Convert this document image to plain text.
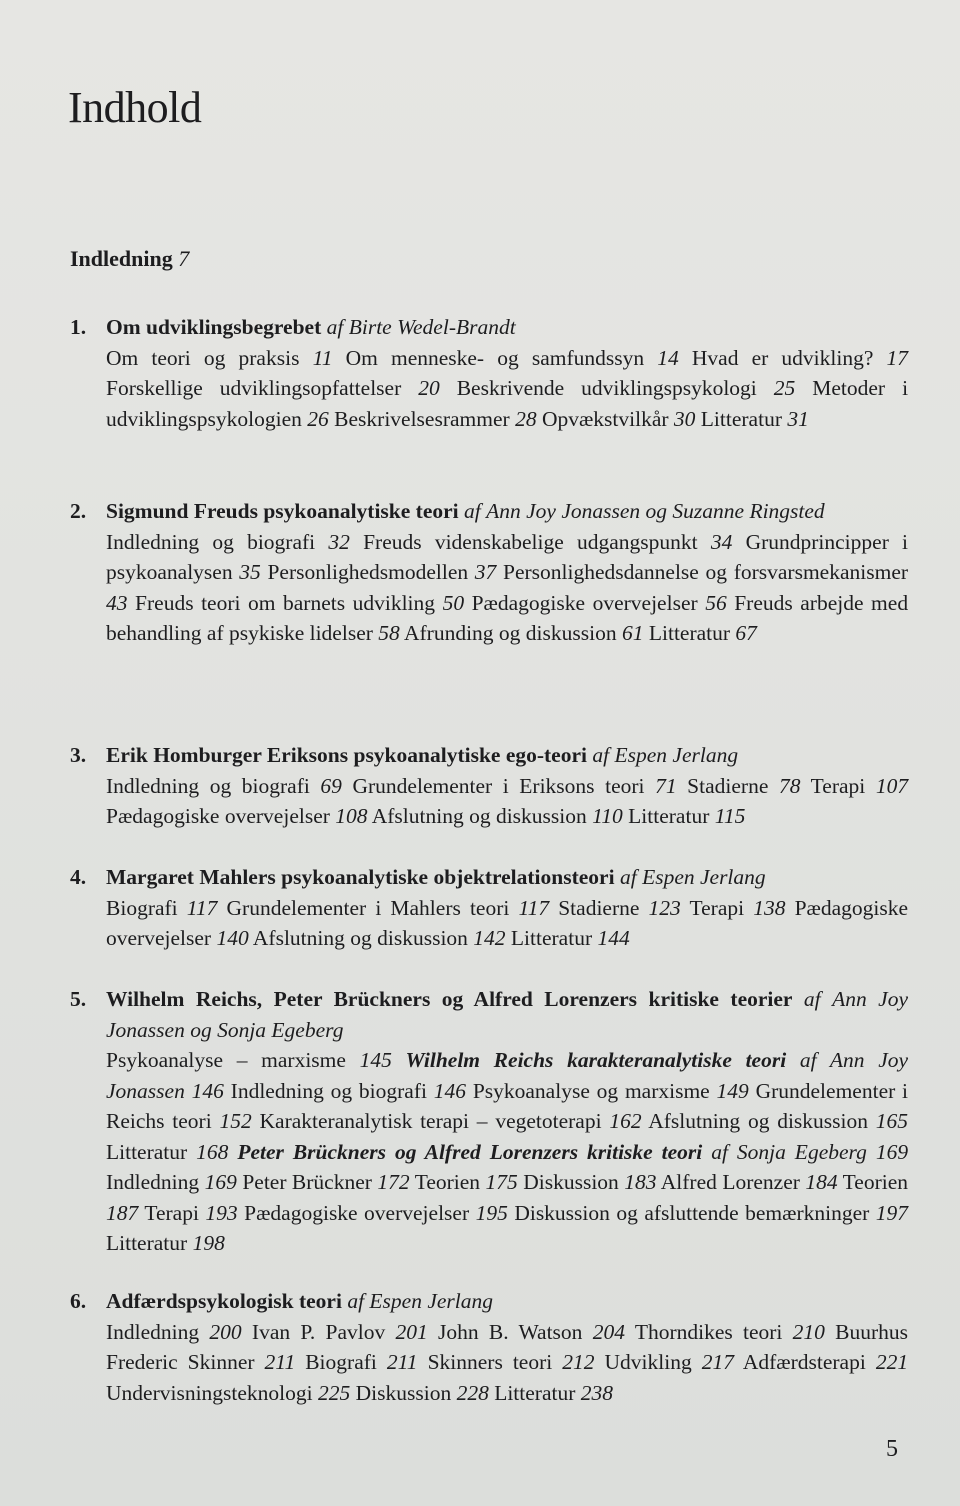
Indhold
Indledning 7
1. Om udviklingsbegrebet af Birte Wedel-Brandt
Om teori og praksis 11 Om menneske- og samfundssyn 14 Hvad er udvikling? 17 Forskellige udviklingsopfattelser 20 Beskrivende udviklingspsykologi 25 Metoder i udviklingspsykologien 26 Beskrivelsesrammer 28 Opvækstvilkår 30 Litteratur 31
2. Sigmund Freuds psykoanalytiske teori af Ann Joy Jonassen og Suzanne Ringsted
Indledning og biografi 32 Freuds videnskabelige udgangspunkt 34 Grundprincipper i psykoanalysen 35 Personlighedsmodellen 37 Personlighedsdannelse og forsvarsmekanismer 43 Freuds teori om barnets udvikling 50 Pædagogiske overvejelser 56 Freuds arbejde med behandling af psykiske lidelser 58 Afrunding og diskussion 61 Litteratur 67
3. Erik Homburger Eriksons psykoanalytiske ego-teori af Espen Jerlang
Indledning og biografi 69 Grundelementer i Eriksons teori 71 Stadierne 78 Terapi 107 Pædagogiske overvejelser 108 Afslutning og diskussion 110 Litteratur 115
4. Margaret Mahlers psykoanalytiske objektrelationsteori af Espen Jerlang
Biografi 117 Grundelementer i Mahlers teori 117 Stadierne 123 Terapi 138 Pædagogiske overvejelser 140 Afslutning og diskussion 142 Litteratur 144
5. Wilhelm Reichs, Peter Brückners og Alfred Lorenzers kritiske teorier af Ann Joy Jonassen og Sonja Egeberg
Psykoanalyse – marxisme 145 Wilhelm Reichs karakteranalytiske teori af Ann Joy Jonassen 146 Indledning og biografi 146 Psykoanalyse og marxisme 149 Grundelementer i Reichs teori 152 Karakteranalytisk terapi – vegetoterapi 162 Afslutning og diskussion 165 Litteratur 168 Peter Brückners og Alfred Lorenzers kritiske teori af Sonja Egeberg 169 Indledning 169 Peter Brückner 172 Teorien 175 Diskussion 183 Alfred Lorenzer 184 Teorien 187 Terapi 193 Pædagogiske overvejelser 195 Diskussion og afsluttende bemærkninger 197 Litteratur 198
6. Adfærdspsykologisk teori af Espen Jerlang
Indledning 200 Ivan P. Pavlov 201 John B. Watson 204 Thorndikes teori 210 Buurhus Frederic Skinner 211 Biografi 211 Skinners teori 212 Udvikling 217 Adfærdsterapi 221 Undervisningsteknologi 225 Diskussion 228 Litteratur 238
5
